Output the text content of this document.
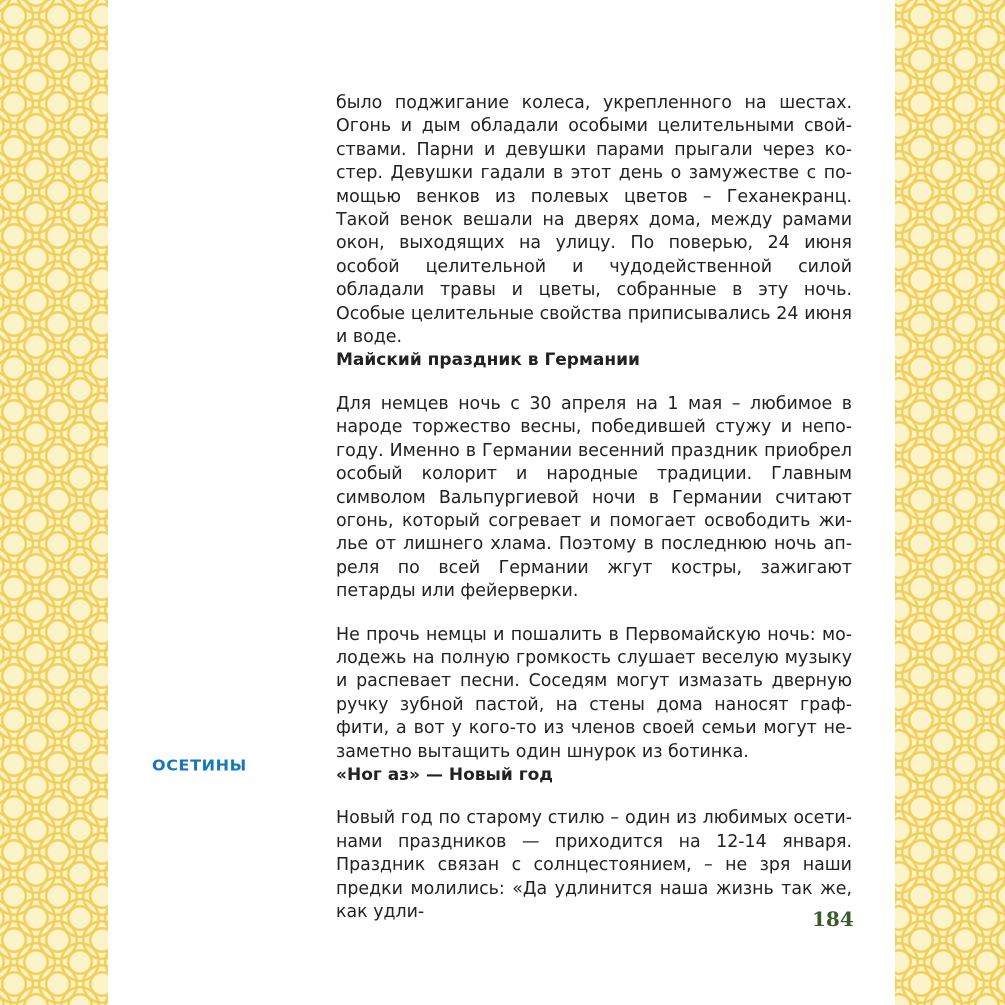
было поджигание колеса, укрепленного на шестах. Огонь и дым обладали особыми целительными свойствами. Парни и девушки парами прыгали через костер. Девушки гадали в этот день о замужестве с помощью венков из полевых цветов – Геханекранц. Такой венок вешали на дверях дома, между рамами окон, выходящих на улицу. По поверью, 24 июня особой целительной и чудодейственной силой обладали травы и цветы, собранные в эту ночь. Особые целительные свойства приписывались 24 июня и воде.

Майский праздник в Германии

Для немцев ночь с 30 апреля на 1 мая – любимое в народе торжество весны, победившей стужу и непогоду. Именно в Германии весенний праздник приобрел особый колорит и народные традиции. Главным символом Вальпургиевой ночи в Германии считают огонь, который согревает и помогает освободить жилье от лишнего хлама. Поэтому в последнюю ночь апреля по всей Германии жгут костры, зажигают петарды или фейерверки.

Не прочь немцы и пошалить в Первомайскую ночь: молодежь на полную громкость слушает веселую музыку и распевает песни. Соседям могут измазать дверную ручку зубной пастой, на стены дома наносят граффити, а вот у кого-то из членов своей семьи могут незаметно вытащить один шнурок из ботинка.

«Ног аз» — Новый год

Новый год по старому стилю – один из любимых осетинами праздников — приходится на 12-14 января. Праздник связан с солнцестоянием, – не зря наши предки молились: «Да удлинится наша жизнь так же, как удли-

ОСЕТИНЫ
184
